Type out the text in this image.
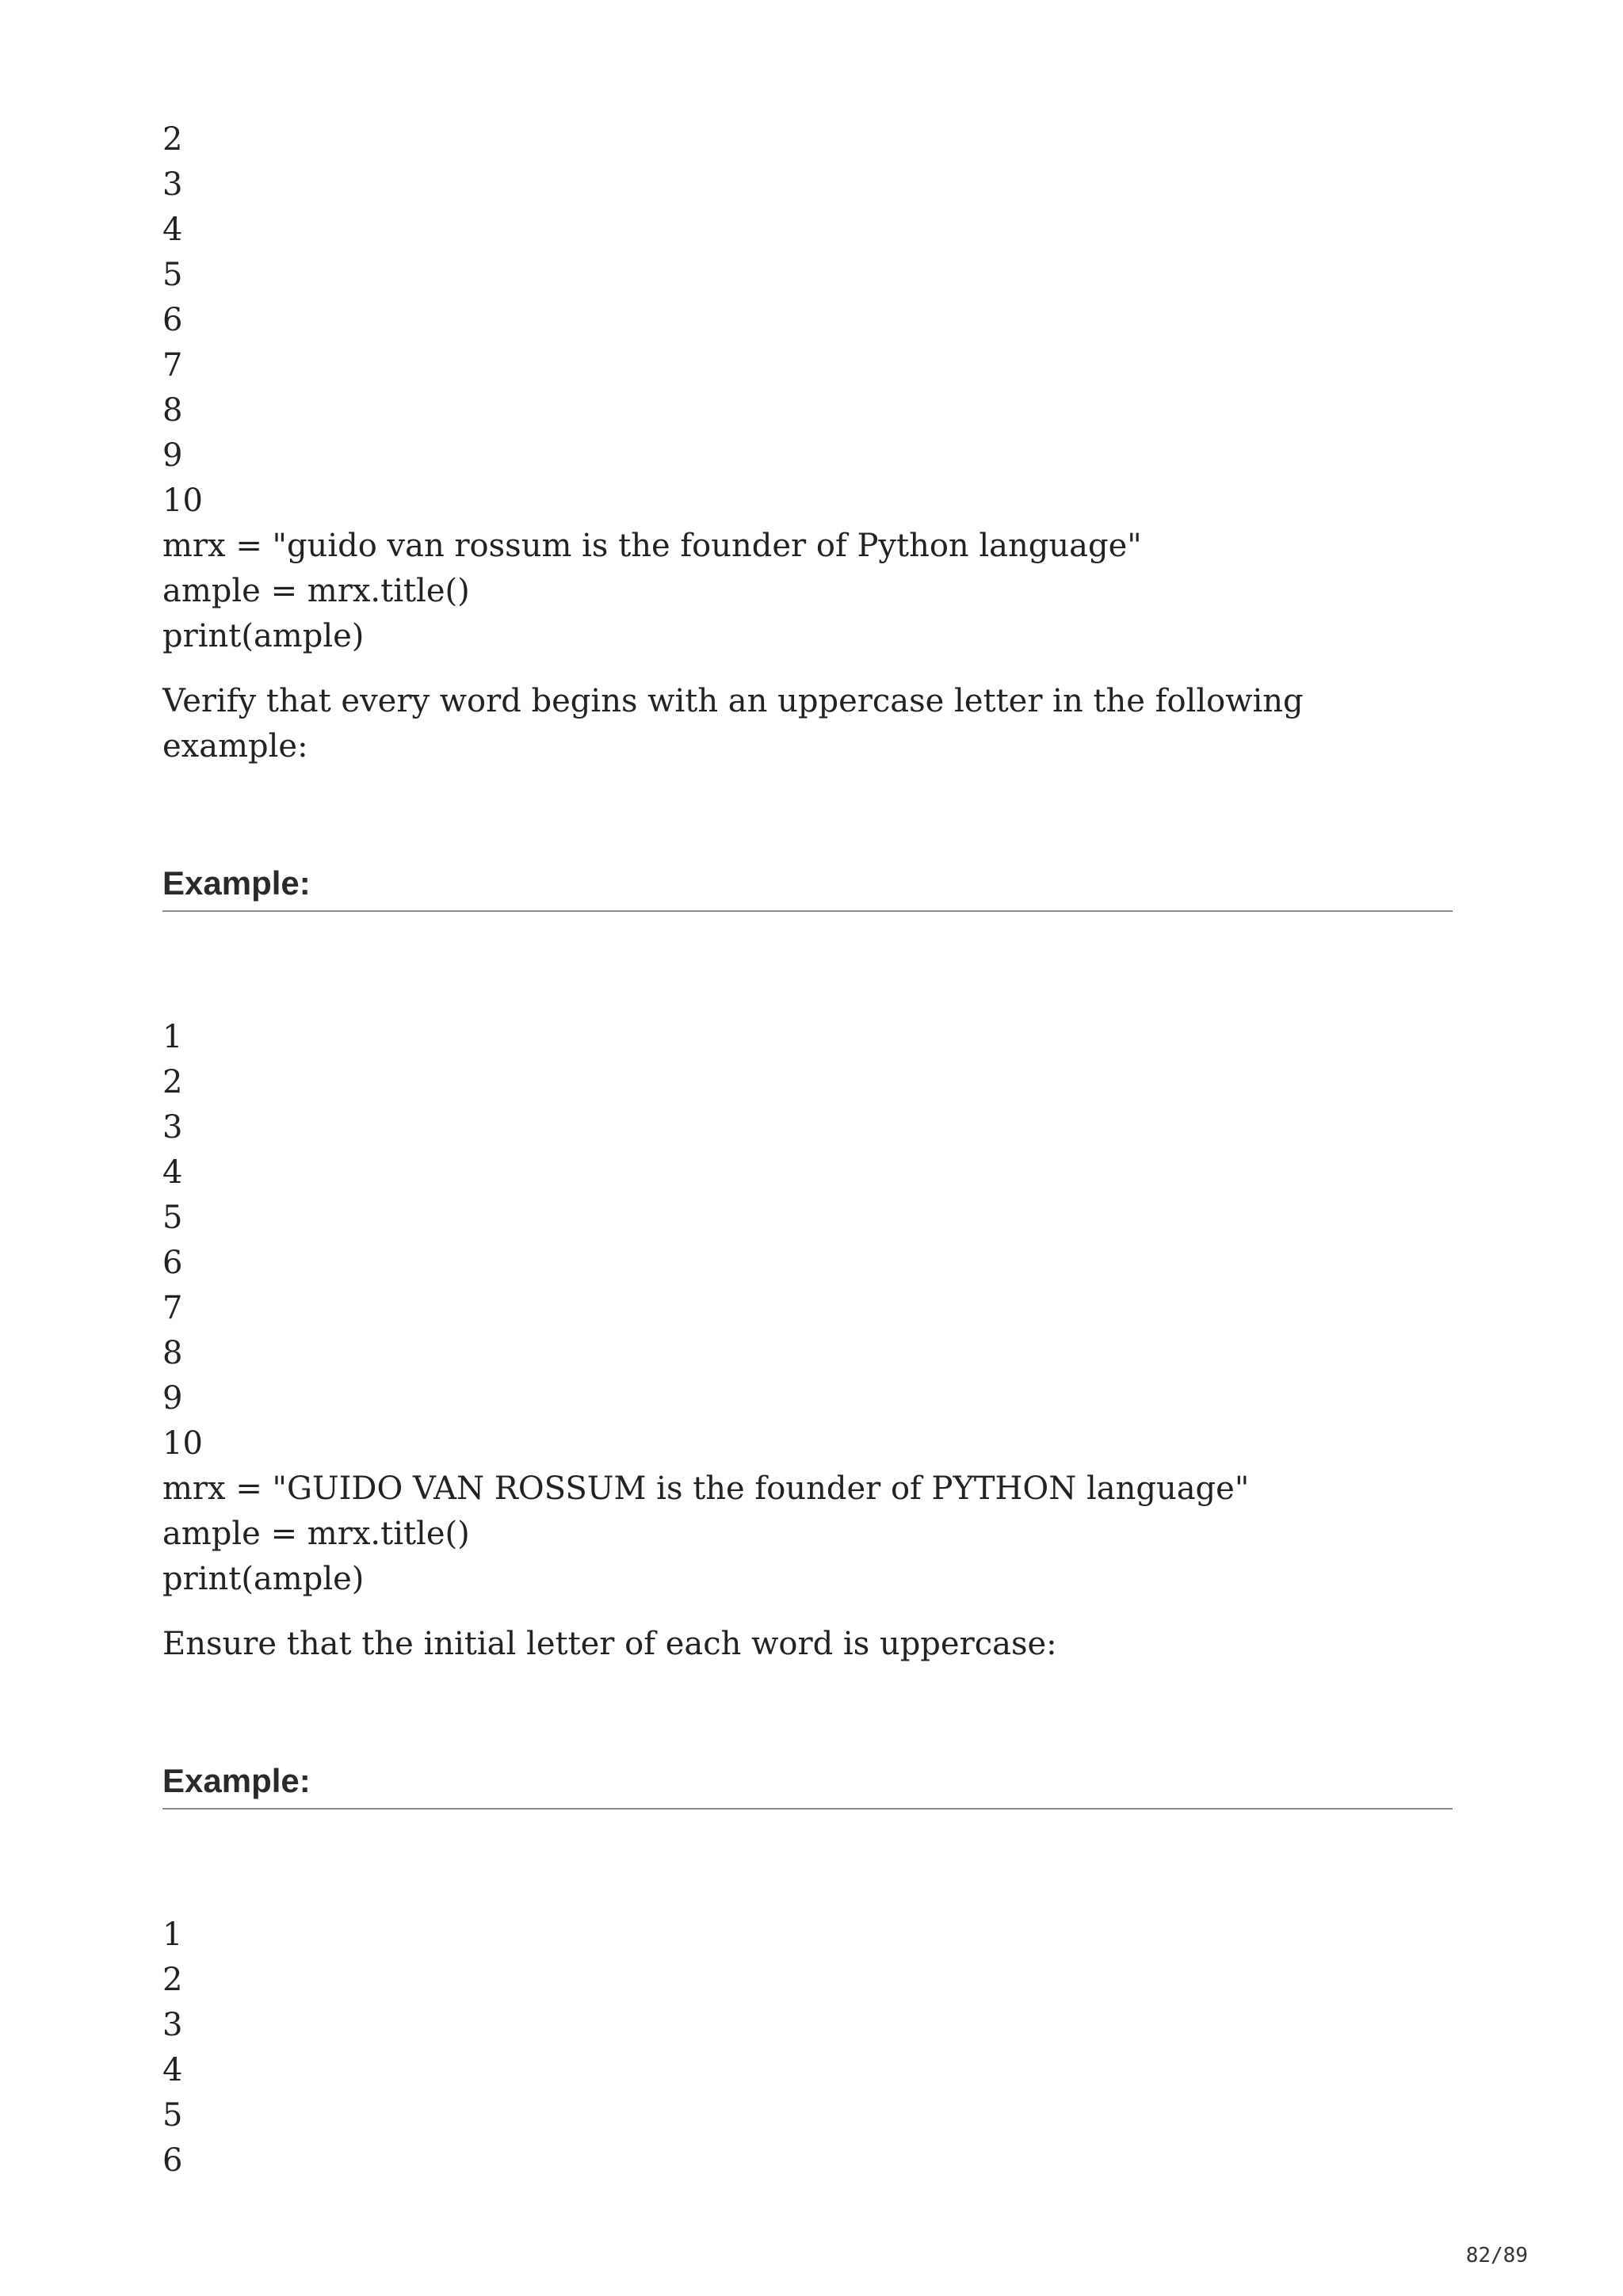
2
3
4
5
6
7
8
9
10
mrx = "guido van rossum is the founder of Python language"
ample = mrx.title()
print(ample)

Verify that every word begins with an uppercase letter in the following example:

Example:
1
2
3
4
5
6
7
8
9
10
mrx = "GUIDO VAN ROSSUM is the founder of PYTHON language"
ample = mrx.title()
print(ample)

Ensure that the initial letter of each word is uppercase:

Example:
1
2
3
4
5
6
82/89
